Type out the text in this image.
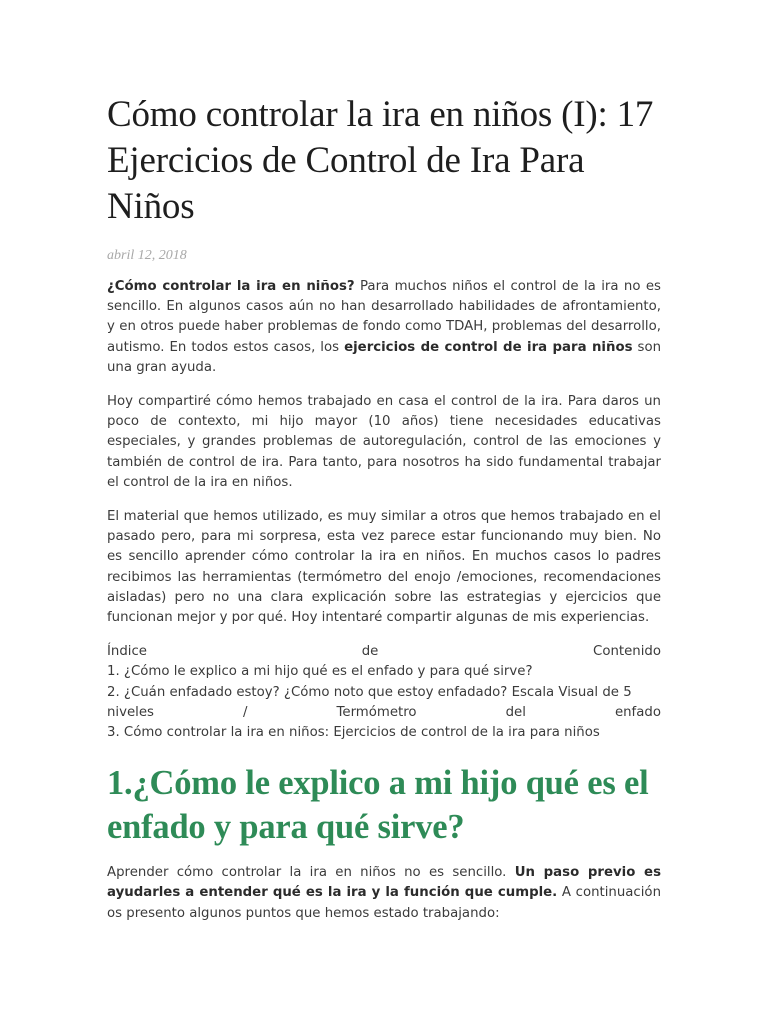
Cómo controlar la ira en niños (I): 17 Ejercicios de Control de Ira Para Niños
abril 12, 2018

¿Cómo controlar la ira en niños? Para muchos niños el control de la ira no es sencillo. En algunos casos aún no han desarrollado habilidades de afrontamiento, y en otros puede haber problemas de fondo como TDAH, problemas del desarrollo, autismo. En todos estos casos, los ejercicios de control de ira para niños son una gran ayuda.

Hoy compartiré cómo hemos trabajado en casa el control de la ira. Para daros un poco de contexto, mi hijo mayor (10 años) tiene necesidades educativas especiales, y grandes problemas de autoregulación, control de las emociones y también de control de ira. Para tanto, para nosotros ha sido fundamental trabajar el control de la ira en niños.

El material que hemos utilizado, es muy similar a otros que hemos trabajado en el pasado pero, para mi sorpresa, esta vez parece estar funcionando muy bien. No es sencillo aprender cómo controlar la ira en niños. En muchos casos lo padres recibimos las herramientas (termómetro del enojo /emociones, recomendaciones aisladas) pero no una clara explicación sobre las estrategias y ejercicios que funcionan mejor y por qué. Hoy intentaré compartir algunas de mis experiencias.

Índice	de	Contenido
1. ¿Cómo le explico a mi hijo qué es el enfado y para qué sirve?
2. ¿Cuán enfadado estoy? ¿Cómo noto que estoy enfadado? Escala Visual de 5
niveles	/	Termómetro	del	enfado
3. Cómo controlar la ira en niños: Ejercicios de control de la ira para niños
1.¿Cómo le explico a mi hijo qué es el enfado y para qué sirve?

Aprender cómo controlar la ira en niños no es sencillo. Un paso previo es ayudarles a entender qué es la ira y la función que cumple. A continuación os presento algunos puntos que hemos estado trabajando:
